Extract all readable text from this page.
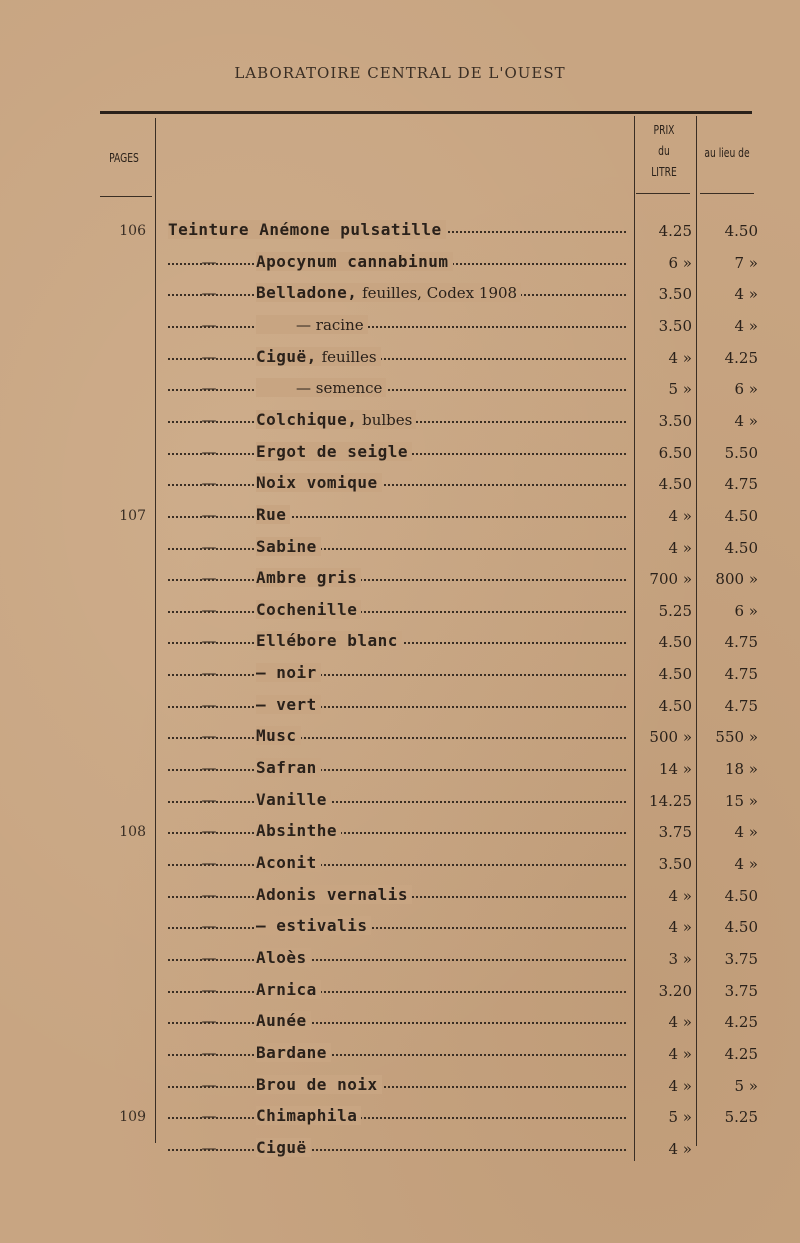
LABORATOIRE CENTRAL DE L'OUEST
PAGES
PRIX
du
LITRE
au lieu de
106 Teinture Anémone pulsatille	4.25	4.50
—	Apocynum cannabinum	6 »	7 »
—	Belladone, feuilles, Codex 1908	3.50	4 »
—	— racine	3.50	4 »
—	Ciguë, feuilles	4 »	4.25
—	— semence	5 »	6 »
—	Colchique, bulbes	3.50	4 »
—	Ergot de seigle	6.50	5.50
—	Noix vomique	4.50	4.75
107	—	Rue	4 »	4.50
—	Sabine	4 »	4.50
—	Ambre gris	700 »	800 »
—	Cochenille	5.25	6 »
—	Ellébore blanc	4.50	4.75
—	— noir	4.50	4.75
—	— vert	4.50	4.75
—	Musc	500 »	550 »
—	Safran	14 »	18 »
—	Vanille	14.25	15 »
108	—	Absinthe	3.75	4 »
—	Aconit	3.50	4 »
—	Adonis vernalis	4 »	4.50
—	— estivalis	4 »	4.50
—	Aloès	3 »	3.75
—	Arnica	3.20	3.75
—	Aunée	4 »	4.25
—	Bardane	4 »	4.25
—	Brou de noix	4 »	5 »
109	—	Chimaphila	5 »	5.25
—	Ciguë	4 »
